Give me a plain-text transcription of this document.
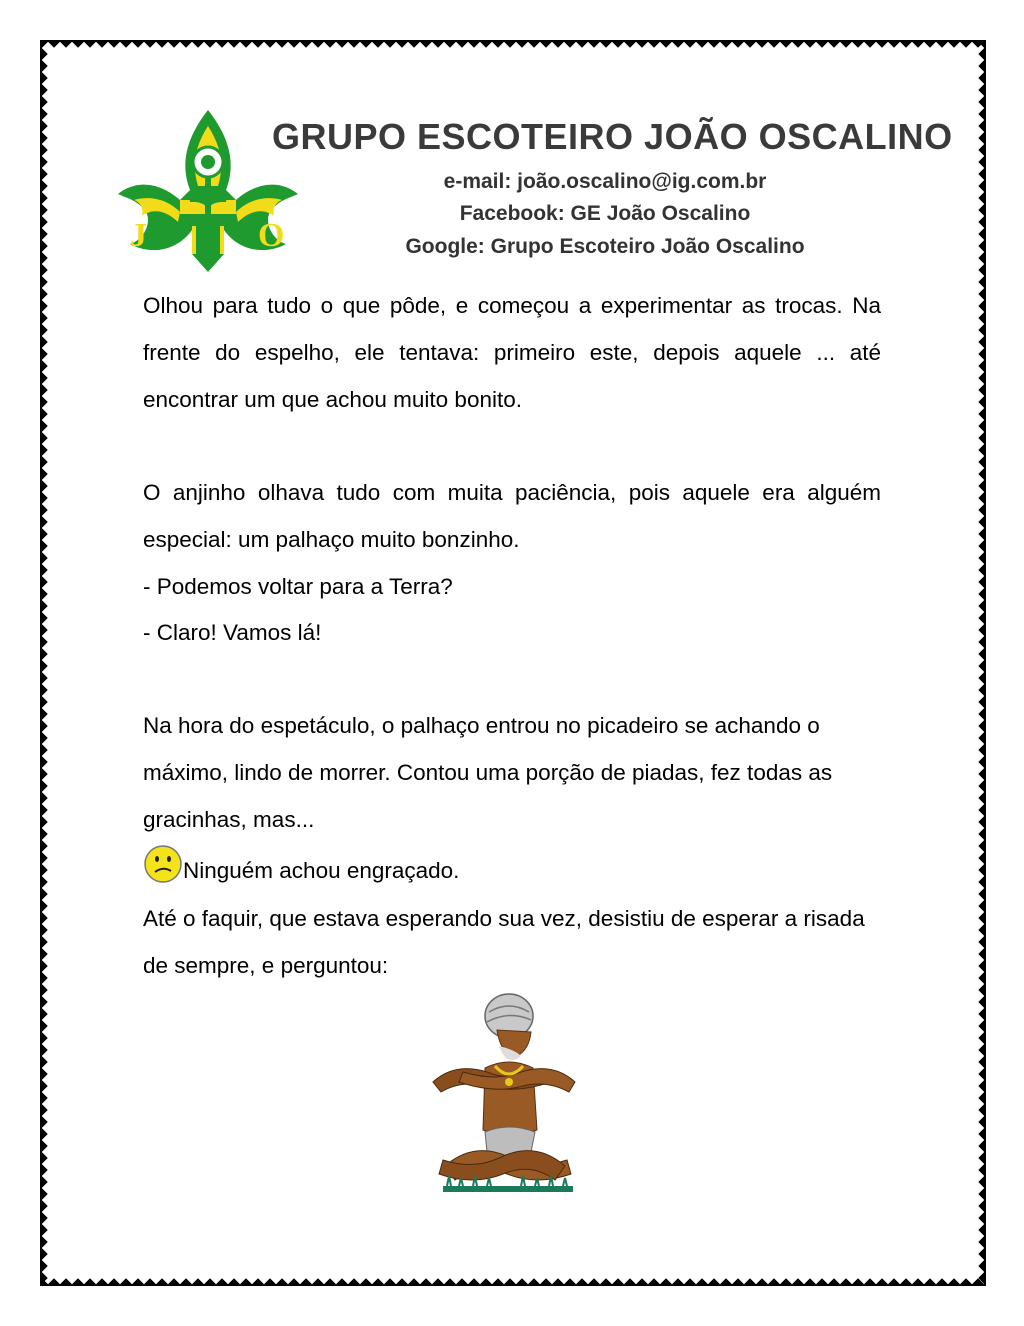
J	O
GRUPO ESCOTEIRO JOÃO OSCALINO
e-mail: joão.oscalino@ig.com.br
Facebook: GE João Oscalino
Google: Grupo Escoteiro João Oscalino
Olhou para tudo o que pôde, e começou a experimentar as trocas. Na frente do espelho, ele tentava: primeiro este, depois aquele ... até encontrar um que achou muito bonito.
O anjinho olhava tudo com muita paciência, pois aquele era alguém especial: um palhaço muito bonzinho.
- Podemos voltar para a Terra?
- Claro! Vamos lá!
Na hora do espetáculo, o palhaço entrou no picadeiro se achando o máximo, lindo de morrer. Contou uma porção de piadas, fez todas as gracinhas, mas...
Ninguém achou engraçado.
Até o faquir, que estava esperando sua vez, desistiu de esperar a risada de sempre, e perguntou:
